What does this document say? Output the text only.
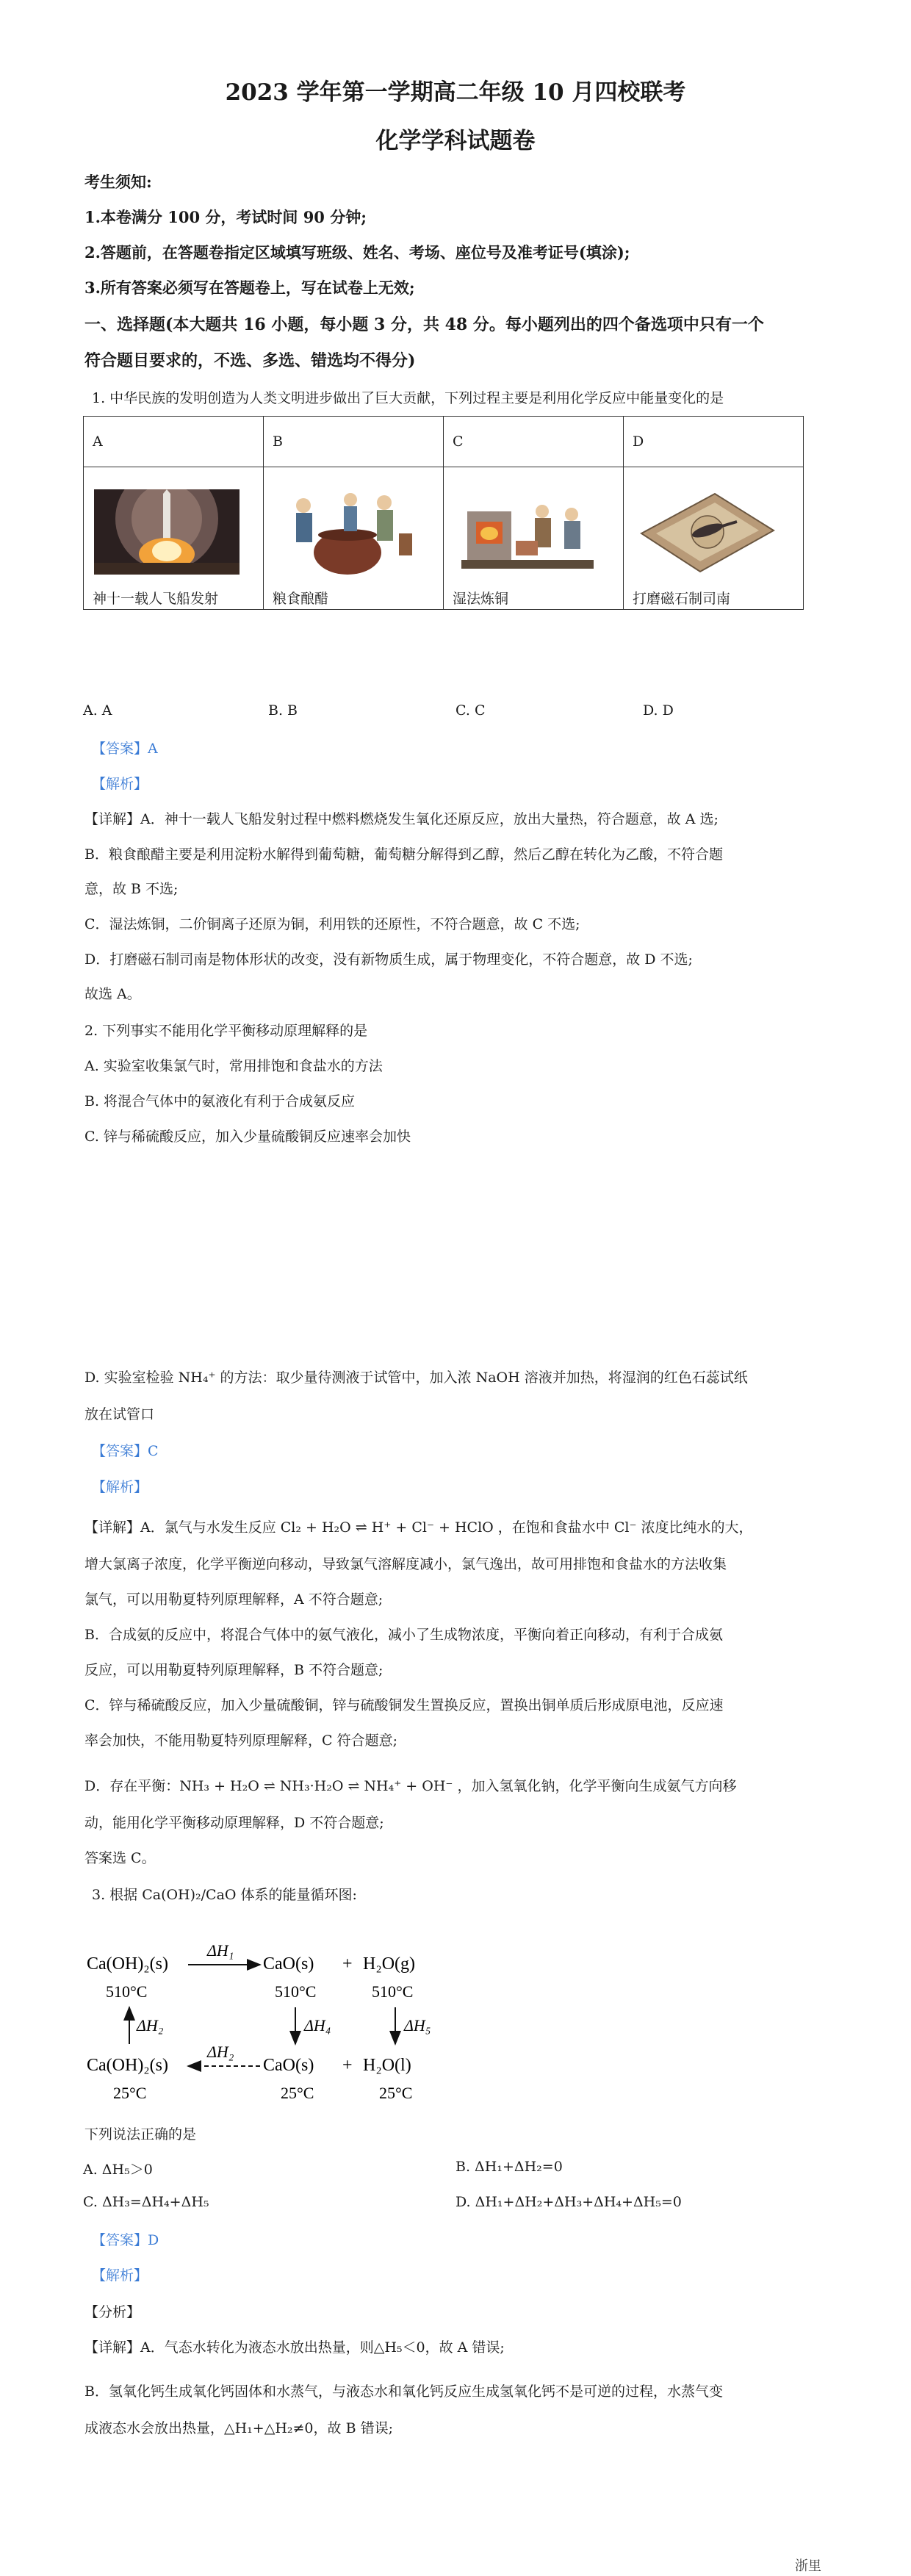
2023 学年第一学期高二年级 10 月四校联考
化学学科试题卷
考生须知:
1.本卷满分 100 分，考试时间 90 分钟;
2.答题前，在答题卷指定区域填写班级、姓名、考场、座位号及准考证号(填涂);
3.所有答案必须写在答题卷上，写在试卷上无效;
一、选择题(本大题共 16 小题，每小题 3 分，共 48 分。每小题列出的四个备选项中只有一个
符合题目要求的，不选、多选、错选均不得分)
1. 中华民族的发明创造为人类文明进步做出了巨大贡献，下列过程主要是利用化学反应中能量变化的是
A	B	C	D

神十一载人飞船发射	粮食酿醋	湿法炼铜	打磨磁石制司南
A. A	B. B	C. C	D. D
【答案】A
【解析】
【详解】A．神十一载人飞船发射过程中燃料燃烧发生氧化还原反应，放出大量热，符合题意，故 A 选;
B．粮食酿醋主要是利用淀粉水解得到葡萄糖，葡萄糖分解得到乙醇，然后乙醇在转化为乙酸，不符合题
意，故 B 不选;
C．湿法炼铜，二价铜离子还原为铜，利用铁的还原性，不符合题意，故 C 不选;
D．打磨磁石制司南是物体形状的改变，没有新物质生成，属于物理变化，不符合题意，故 D 不选;
故选 A。
2. 下列事实不能用化学平衡移动原理解释的是
A. 实验室收集氯气时，常用排饱和食盐水的方法
B. 将混合气体中的氨液化有利于合成氨反应
C. 锌与稀硫酸反应，加入少量硫酸铜反应速率会加快
D. 实验室检验 NH₄⁺ 的方法：取少量待测液于试管中，加入浓 NaOH 溶液并加热，将湿润的红色石蕊试纸
放在试管口
【答案】C
【解析】
【详解】A．氯气与水发生反应 Cl₂ + H₂O ⇌ H⁺ + Cl⁻ + HClO ，在饱和食盐水中 Cl⁻ 浓度比纯水的大，
增大氯离子浓度，化学平衡逆向移动，导致氯气溶解度减小，氯气逸出，故可用排饱和食盐水的方法收集
氯气，可以用勒夏特列原理解释，A 不符合题意;
B．合成氨的反应中，将混合气体中的氨气液化，减小了生成物浓度，平衡向着正向移动，有利于合成氨
反应，可以用勒夏特列原理解释，B 不符合题意;
C．锌与稀硫酸反应，加入少量硫酸铜，锌与硫酸铜发生置换反应，置换出铜单质后形成原电池，反应速
率会加快，不能用勒夏特列原理解释，C 符合题意;
D．存在平衡：NH₃ + H₂O ⇌ NH₃·H₂O ⇌ NH₄⁺ + OH⁻ ，加入氢氧化钠，化学平衡向生成氨气方向移
动，能用化学平衡移动原理解释，D 不符合题意;
答案选 C。
3. 根据 Ca(OH)₂/CaO 体系的能量循环图:
Ca(OH)₂(s)
ΔH₁
CaO(s) + H₂O(g)
510°C	510°C	510°C
ΔH₂	ΔH₄	ΔH₅
Ca(OH)₂(s)
ΔH₂
CaO(s) + H₂O(l)
25°C	25°C	25°C
下列说法正确的是
A. ΔH₅＞0	B. ΔH₁+ΔH₂=0
C. ΔH₃=ΔH₄+ΔH₅	D. ΔH₁+ΔH₂+ΔH₃+ΔH₄+ΔH₅=0
【答案】D
【解析】
【分析】
【详解】A．气态水转化为液态水放出热量，则△H₅＜0，故 A 错误;
B．氢氧化钙生成氧化钙固体和水蒸气，与液态水和氧化钙反应生成氢氧化钙不是可逆的过程，水蒸气变
成液态水会放出热量，△H₁+△H₂≠0，故 B 错误;
浙里
